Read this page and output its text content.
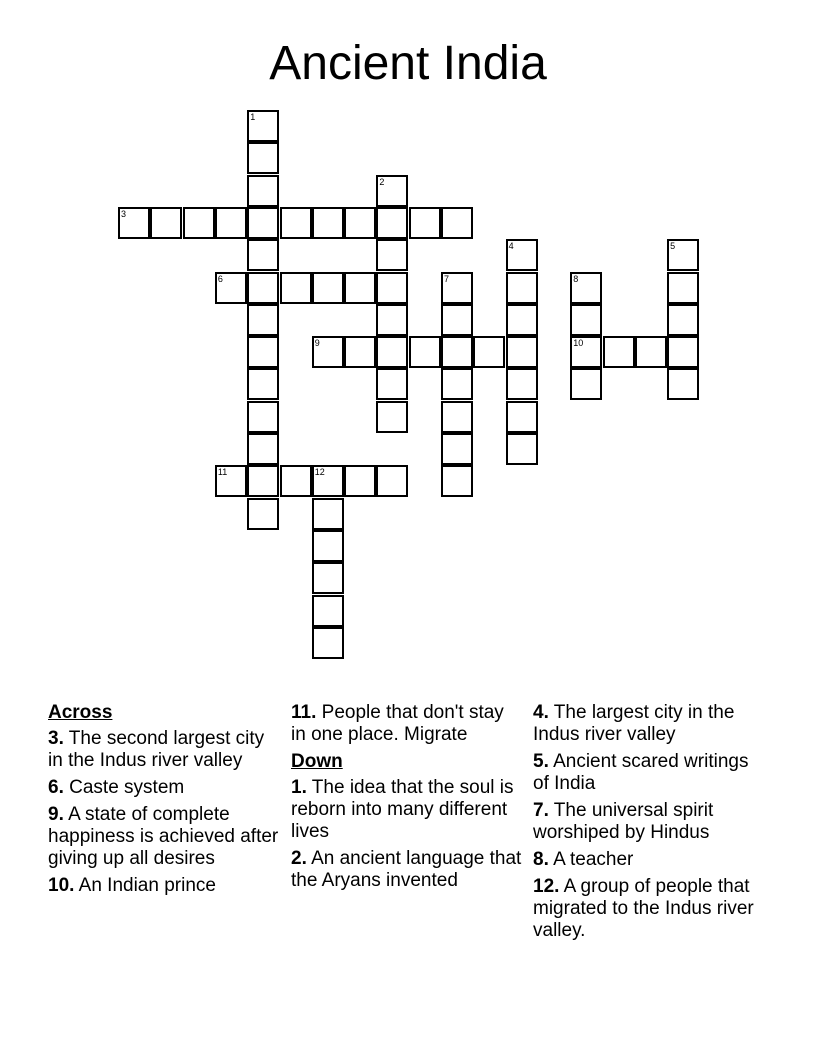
Ancient India
1
2
3
4	5
6	7	8
10
9
11	12
Across
3. The second largest city in the Indus river valley
6. Caste system
9. A state of complete happiness is achieved after giving up all desires
10. An Indian prince
11. People that don't stay in one place. Migrate
Down
1. The idea that the soul is reborn into many different lives
2. An ancient language that the Aryans invented
4. The largest city in the Indus river valley
5. Ancient scared writings of India
7. The universal spirit worshiped by Hindus
8. A teacher
12. A group of people that migrated to the Indus river valley.
